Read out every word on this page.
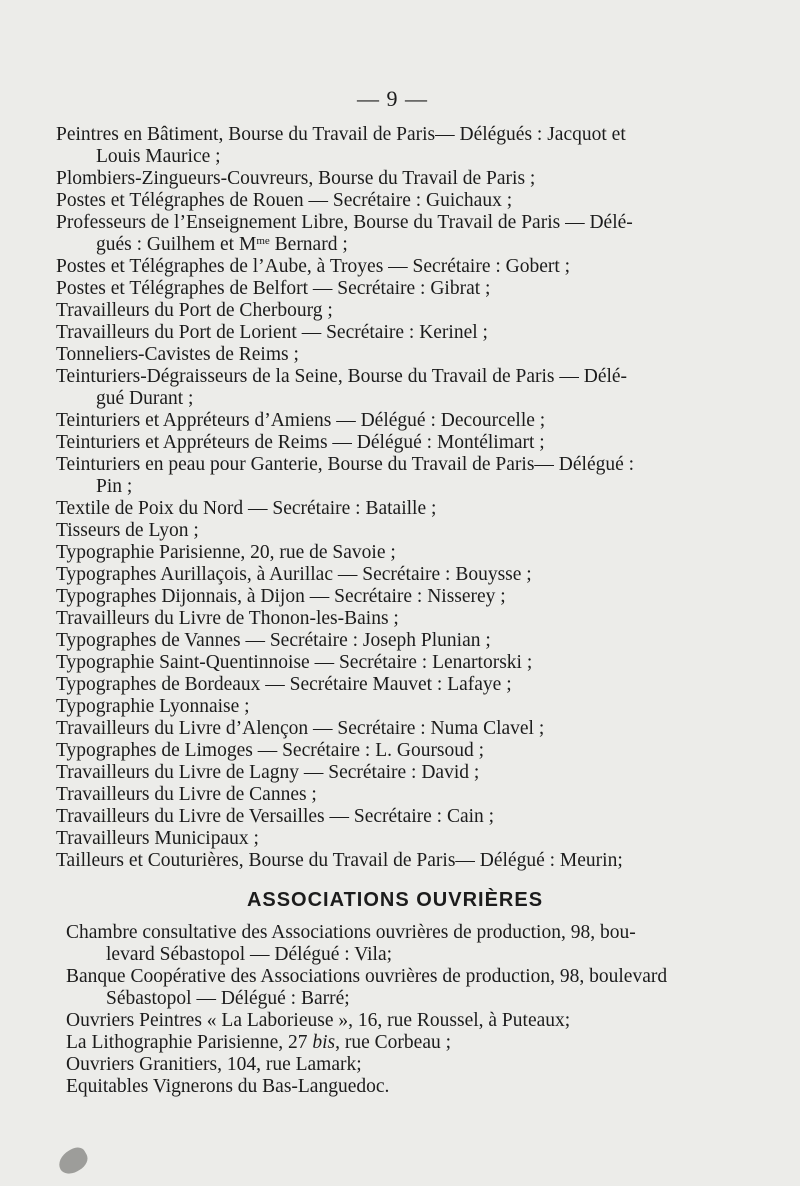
— 9 —
Peintres en Bâtiment, Bourse du Travail de Paris— Délégués : Jacquot et
Louis Maurice ;
Plombiers-Zingueurs-Couvreurs, Bourse du Travail de Paris ;
Postes et Télégraphes de Rouen — Secrétaire : Guichaux ;
Professeurs de l’Enseignement Libre, Bourse du Travail de Paris — Délé-
gués : Guilhem et $M^{me}$ Bernard ;
Postes et Télégraphes de l’Aube, à Troyes — Secrétaire : Gobert ;
Postes et Télégraphes de Belfort — Secrétaire : Gibrat ;
Travailleurs du Port de Cherbourg ;
Travailleurs du Port de Lorient — Secrétaire : Kerinel ;
Tonneliers-Cavistes de Reims ;
Teinturiers-Dégraisseurs de la Seine, Bourse du Travail de Paris — Délé-
gué Durant ;
Teinturiers et Appréteurs d’Amiens — Délégué : Decourcelle ;
Teinturiers et Appréteurs de Reims — Délégué : Montélimart ;
Teinturiers en peau pour Ganterie, Bourse du Travail de Paris— Délégué :
Pin ;
Textile de Poix du Nord — Secrétaire : Bataille ;
Tisseurs de Lyon ;
Typographie Parisienne, 20, rue de Savoie ;
Typographes Aurillaçois, à Aurillac — Secrétaire : Bouysse ;
Typographes Dijonnais, à Dijon — Secrétaire : Nisserey ;
Travailleurs du Livre de Thonon-les-Bains ;
Typographes de Vannes — Secrétaire : Joseph Plunian ;
Typographie Saint-Quentinnoise — Secrétaire : Lenartorski ;
Typographes de Bordeaux — Secrétaire Mauvet : Lafaye ;
Typographie Lyonnaise ;
Travailleurs du Livre d’Alençon — Secrétaire : Numa Clavel ;
Typographes de Limoges — Secrétaire : L. Goursoud ;
Travailleurs du Livre de Lagny — Secrétaire : David ;
Travailleurs du Livre de Cannes ;
Travailleurs du Livre de Versailles — Secrétaire : Cain ;
Travailleurs Municipaux ;
Tailleurs et Couturières, Bourse du Travail de Paris— Délégué : Meurin;
ASSOCIATIONS OUVRIÈRES
Chambre consultative des Associations ouvrières de production, 98, bou-
levard Sébastopol — Délégué : Vila;
Banque Coopérative des Associations ouvrières de production, 98, boulevard
Sébastopol — Délégué : Barré;
Ouvriers Peintres « La Laborieuse », 16, rue Roussel, à Puteaux;
La Lithographie Parisienne, 27 bis, rue Corbeau ;
Ouvriers Granitiers, 104, rue Lamark;
Equitables Vignerons du Bas-Languedoc.
